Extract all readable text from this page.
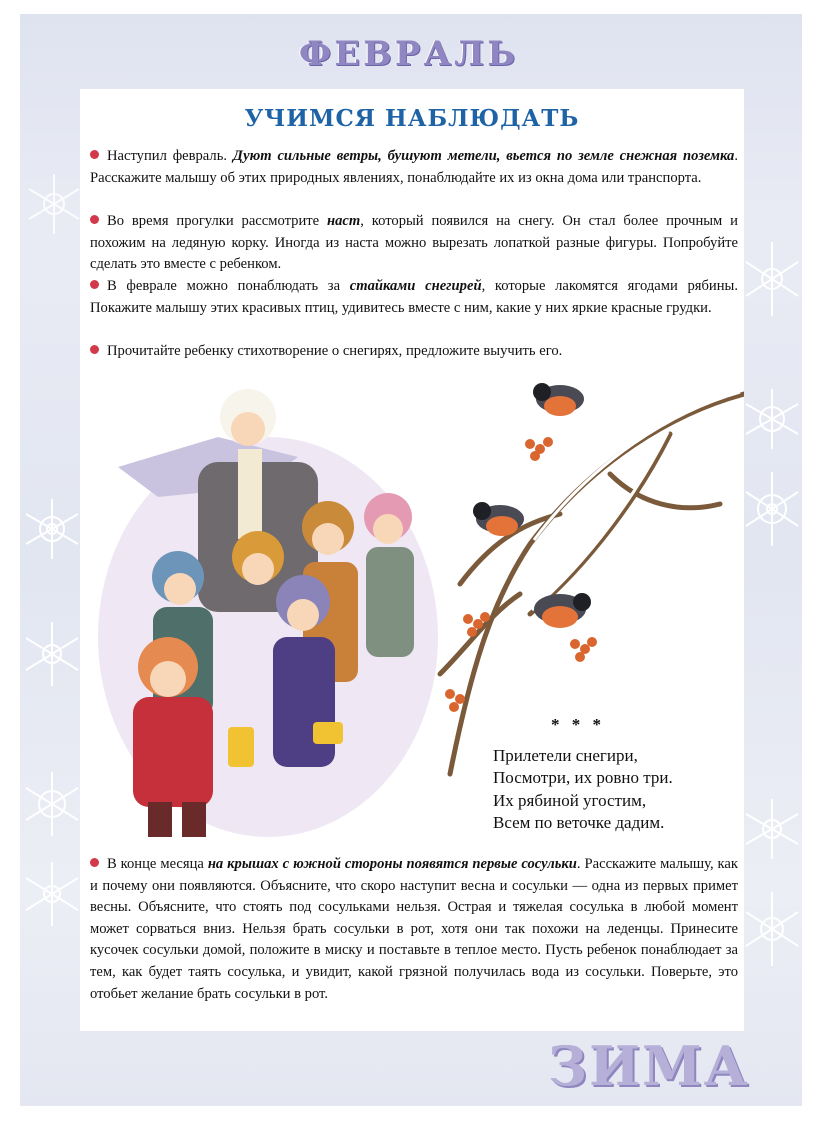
ФЕВРАЛЬ
УЧИМСЯ НАБЛЮДАТЬ
Наступил февраль. Дуют сильные ветры, бушуют метели, вьется по земле снежная поземка. Расскажите малышу об этих природных явлениях, понаблюдайте их из окна дома или транспорта.
Во время прогулки рассмотрите наст, который появился на снегу. Он стал более прочным и похожим на ледяную корку. Иногда из наста можно вырезать лопаткой разные фигуры. Попробуйте сделать это вместе с ребенком.
В феврале можно понаблюдать за стайками снегирей, которые лакомятся ягодами рябины. Покажите малышу этих красивых птиц, удивитесь вместе с ним, какие у них яркие красные грудки.
Прочитайте ребенку стихотворение о снегирях, предложите выучить его.
* * *
Прилетели снегири,
Посмотри, их ровно три.
Их рябиной угостим,
Всем по веточке дадим.
В конце месяца на крышах с южной стороны появятся первые сосульки. Расскажите малышу, как и почему они появляются. Объясните, что скоро наступит весна и сосульки — одна из первых примет весны. Объясните, что стоять под сосульками нельзя. Острая и тяжелая сосулька в любой момент может сорваться вниз. Нельзя брать сосульки в рот, хотя они так похожи на леденцы. Принесите кусочек сосульки домой, положите в миску и поставьте в теплое место. Пусть ребенок понаблюдает за тем, как будет таять сосулька, и увидит, какой грязной получилась вода из сосульки. Поверьте, это отобьет желание брать сосульки в рот.
ЗИМА
